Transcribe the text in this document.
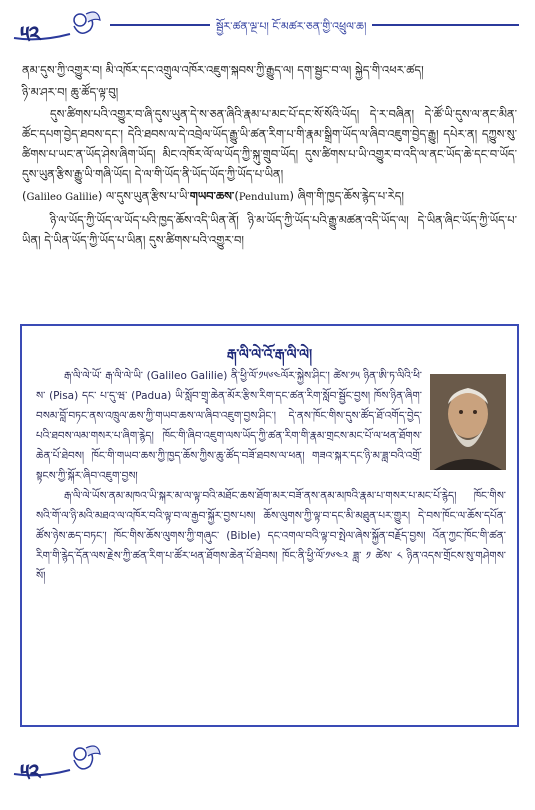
༥༢	སྦྱོར་ཚན་ལྔ་པ། ངོ་མཚར་ཅན་གྱི་འཕྲུལ་ཆ།

ནམ་དུས་ཀྱི་འགྱུར་བ། མི་འཁོར་དང་འགྲུལ་འཁོར་འཇུག་སྐབས་ཀྱི་རྒྱུད་ལ། དག་སྦྱང་བ་ལ། སྐྱེད་གི་འཕར་ཚད།

ཉི་མ་ཤར་བ། ཆུ་ཚོད་ལྟ་བུ།

དུས་ཚིགས་པའི་འགྱུར་བ་ཞི་དུས་ཡུན་དེ་ས་ཅན་ཞིའི་རྣམ་པ་མང་པོ་དང་སོ་སོའི་ཡོད། དེ་ར་བཞིན། དེ་ཚོ་ཡི་དུས་ལ་ནང་མིན་ཚོང་དཔག་བྱེད་ཐབས་དང་། དེའི་ཐབས་ལ་དེ་འབྲེལ་ཡོད་རྒྱུ་ཡི་ཚན་རིག་པ་གི་རྣམ་སྒྲིག་ཡོད་ལ་ཞིབ་འཇུག་བྱེད་རྒྱུ། དཔེར་ན། དཀྱུས་སུ་ཚིགས་པ་ཡང་ན་ཡོད་ཤེས་ཞིག་ཡོད། མིང་འཁོར་ལོ་ལ་ཡོད་ཀྱི་སྐུ་གྲུབ་ཡོད། དུས་ཚིགས་པ་ཡི་འགྱུར་བ་འདི་ལ་ནང་ཡོད་ཆེ་དང་བ་ཡོད་དུས་ཡུན་རྩིས་རྒྱུ་ཡི་གཞི་ཡོད། དེ་ལ་གི་ཡོད་ནི་ཡོད་ཡོད་ཀྱི་ཡོད་པ་ཡིན།

(Galileo Galilie) ལ་དུས་ཡུན་རྩིས་པ་ཡི་གཡབ་ཆས་(Pendulum) ཞིག་གི་ཁྱད་ཆོས་རྙེད་པ་རེད།

ཉི་ལ་ཡོད་ཀྱི་ཡོད་ལ་ཡོད་པའི་ཁྱད་ཆོས་འདི་ཡིན་ནོ། ཉི་མ་ཡོད་ཀྱི་ཡོད་པའི་རྒྱུ་མཚན་འདི་ཡོད་ལ། དེ་ཡིན་ཞིང་ཡོད་ཀྱི་ཡོད་པ་ཡིན། དེ་ཡིན་ཡོད་ཀྱི་ཡོད་པ་ཡིན། དུས་ཚིགས་པའི་འགྱུར་བ།

རྒ་ལི་ལེ་འོ་རྒ་ལི་ལེ།

རྒ་ལི་ལེ་ཡོ་ རྒ་ལི་ལེ་ཡི་ (Galileo Galilie) ནི་ཕྱི་ལོ་༡༥༦༤ལོར་སྐྱེས་ཤིང་། ཚེས་༡༥ ཉིན་ཨི་ཏ་ལིའི་ཕི་ས་ (Pisa) དང་ པ་དུ་ཝ་ (Padua) ཡི་སློབ་གྲྭ་ཆེན་མོར་རྩིས་རིག་དང་ཚན་རིག་སློབ་སྦྱོང་བྱས། ཁོས་ཉིན་ཞིག་བསམ་བློ་བཏང་ནས་འཁྲུལ་ཆས་ཀྱི་གཡབ་ཆས་ལ་ཞིབ་འཇུག་བྱས་ཤིང་། དེ་ནས་ཁོང་གིས་དུས་ཚོད་ཐོ་འགོད་བྱེད་པའི་ཐབས་ལམ་གསར་པ་ཞིག་རྙེད། ཁོང་གི་ཞིབ་འཇུག་ལས་ཡོད་ཀྱི་ཚན་རིག་གི་རྣམ་གྲངས་མང་པོ་ལ་ཕན་ཐོགས་ཆེན་པོ་ཐེབས། ཁོང་གི་གཡབ་ཆས་ཀྱི་ཁྱད་ཆོས་ཀྱིས་ཆུ་ཚོད་བཟོ་ཐབས་ལ་ཕན། གཟའ་སྐར་དང་ཉི་མ་ཟླ་བའི་འགྲོ་སྟངས་ཀྱི་སྐོར་ཞིབ་འཇུག་བྱས།

རྒ་ལི་ལེ་ཡོས་ནམ་མཁའ་ཡི་སྐར་མ་ལ་ལྟ་བའི་མཐོང་ཆས་ཐོག་མར་བཟོ་ནས་ནམ་མཁའི་རྣམ་པ་གསར་པ་མང་པོ་རྙེད། ཁོང་གིས་སའི་གོ་ལ་ཉི་མའི་མཐའ་ལ་འཁོར་བའི་ལྟ་བ་ལ་རྒྱབ་སྐྱོར་བྱས་པས། ཆོས་ལུགས་ཀྱི་ལྟ་བ་དང་མི་མཐུན་པར་གྱུར། དེ་བས་ཁོང་ལ་ཆོས་དཔོན་ཚོས་ཉེས་ཆད་བཏང་། ཁོང་གིས་ཆོས་ལུགས་ཀྱི་གཞུང་ (Bible) དང་འགལ་བའི་ལྟ་བ་སྤེལ་ཞེས་སྐྱོན་བརྗོད་བྱས། འོན་ཀྱང་ཁོང་གི་ཚན་རིག་གི་རྙེད་དོན་ལས་རྗེས་ཀྱི་ཚན་རིག་པ་ཚོར་ཕན་ཐོགས་ཆེན་པོ་ཐེབས། ཁོང་ནི་ཕྱི་ལོ་༡༦༤༢ ཟླ་ ༡ ཚེས་ ༨ ཉིན་འདས་གྲོངས་སུ་གཤེགས་སོ།

༥༢
